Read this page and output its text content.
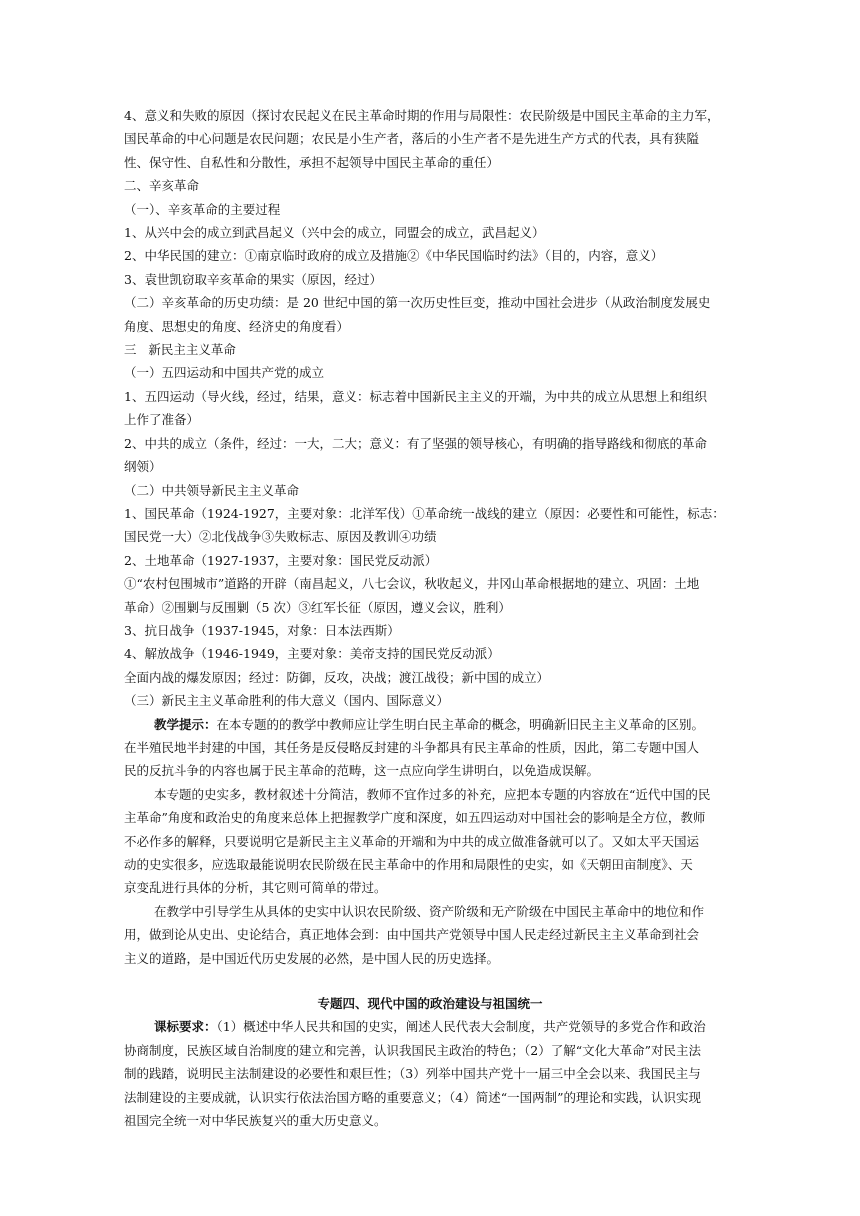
4、意义和失败的原因（探讨农民起义在民主革命时期的作用与局限性：农民阶级是中国民主革命的主力军，

国民革命的中心问题是农民问题；农民是小生产者，落后的小生产者不是先进生产方式的代表，具有狭隘

性、保守性、自私性和分散性，承担不起领导中国民主革命的重任）

二、辛亥革命

（一）、辛亥革命的主要过程

1、从兴中会的成立到武昌起义（兴中会的成立，同盟会的成立，武昌起义）

2、中华民国的建立：①南京临时政府的成立及措施②《中华民国临时约法》（目的，内容，意义）

3、袁世凯窃取辛亥革命的果实（原因，经过）

（二）辛亥革命的历史功绩：是 20 世纪中国的第一次历史性巨变，推动中国社会进步（从政治制度发展史

角度、思想史的角度、经济史的角度看）

三   新民主主义革命

（一）五四运动和中国共产党的成立

1、五四运动（导火线，经过，结果，意义：标志着中国新民主主义的开端，为中共的成立从思想上和组织

上作了准备）

2、中共的成立（条件，经过：一大，二大；意义：有了坚强的领导核心，有明确的指导路线和彻底的革命

纲领）

（二）中共领导新民主主义革命

1、国民革命（1924-1927，主要对象：北洋军伐）①革命统一战线的建立（原因：必要性和可能性，标志：

国民党一大）②北伐战争③失败标志、原因及教训④功绩

2、土地革命（1927-1937，主要对象：国民党反动派）

①“农村包围城市”道路的开辟（南昌起义，八七会议，秋收起义，井冈山革命根据地的建立、巩固：土地

革命）②围剿与反围剿（5 次）③红军长征（原因，遵义会议，胜利）

3、抗日战争（1937-1945，对象：日本法西斯）

4、解放战争（1946-1949，主要对象：美帝支持的国民党反动派）

全面内战的爆发原因；经过：防御，反攻，决战；渡江战役；新中国的成立）

（三）新民主主义革命胜利的伟大意义（国内、国际意义）

教学提示：在本专题的的教学中教师应让学生明白民主革命的概念，明确新旧民主主义革命的区别。
在半殖民地半封建的中国，其任务是反侵略反封建的斗争都具有民主革命的性质，因此，第二专题中国人
民的反抗斗争的内容也属于民主革命的范畴，这一点应向学生讲明白，以免造成误解。

本专题的史实多，教材叙述十分简洁，教师不宜作过多的补充，应把本专题的内容放在“近代中国的民
主革命”角度和政治史的角度来总体上把握教学广度和深度，如五四运动对中国社会的影响是全方位，教师
不必作多的解释，只要说明它是新民主主义革命的开端和为中共的成立做准备就可以了。又如太平天国运
动的史实很多，应选取最能说明农民阶级在民主革命中的作用和局限性的史实，如《天朝田亩制度》、天
京变乱进行具体的分析，其它则可简单的带过。

在教学中引导学生从具体的史实中认识农民阶级、资产阶级和无产阶级在中国民主革命中的地位和作
用，做到论从史出、史论结合，真正地体会到：由中国共产党领导中国人民走经过新民主主义革命到社会
主义的道路，是中国近代历史发展的必然，是中国人民的历史选择。

专题四、现代中国的政治建设与祖国统一

课标要求：（1）概述中华人民共和国的史实，阐述人民代表大会制度，共产党领导的多党合作和政治
协商制度，民族区域自治制度的建立和完善，认识我国民主政治的特色；（2）了解“文化大革命”对民主法
制的践踏，说明民主法制建设的必要性和艰巨性；（3）列举中国共产党十一届三中全会以来、我国民主与
法制建设的主要成就，认识实行依法治国方略的重要意义；（4）简述“一国两制”的理论和实践，认识实现
祖国完全统一对中华民族复兴的重大历史意义。
